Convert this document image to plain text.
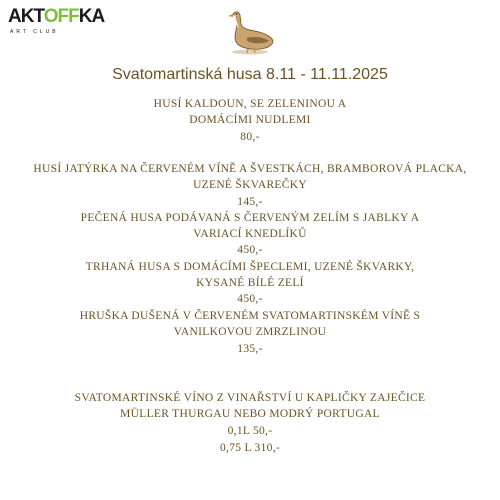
AKTOFFKA
ART CLUB
Svatomartinská husa 8.11 - 11.11.2025
HUSÍ KALDOUN, SE ZELENINOU A
DOMÁCÍMI NUDLEMI
80,-
HUSÍ JATÝRKA NA ČERVENÉM VÍNĚ A ŠVESTKÁCH, BRAMBOROVÁ PLACKA,
UZENÉ ŠKVAREČKY
145,-
PEČENÁ HUSA PODÁVANÁ S ČERVENÝM ZELÍM S JABLKY A
VARIACÍ KNEDLÍKŮ
450,-
TRHANÁ HUSA S DOMÁCÍMI ŠPECLEMI, UZENÉ ŠKVARKY,
KYSANÉ BÍLÉ ZELÍ
450,-
HRUŠKA DUŠENÁ V ČERVENÉM SVATOMARTINSKÉM VÍNĚ S
VANILKOVOU ZMRZLINOU
135,-
SVATOMARTINSKÉ VÍNO Z VINAŘSTVÍ U KAPLIČKY ZAJEČICE
MÜLLER THURGAU NEBO MODRÝ PORTUGAL
0,1L 50,-
0,75 L 310,-
